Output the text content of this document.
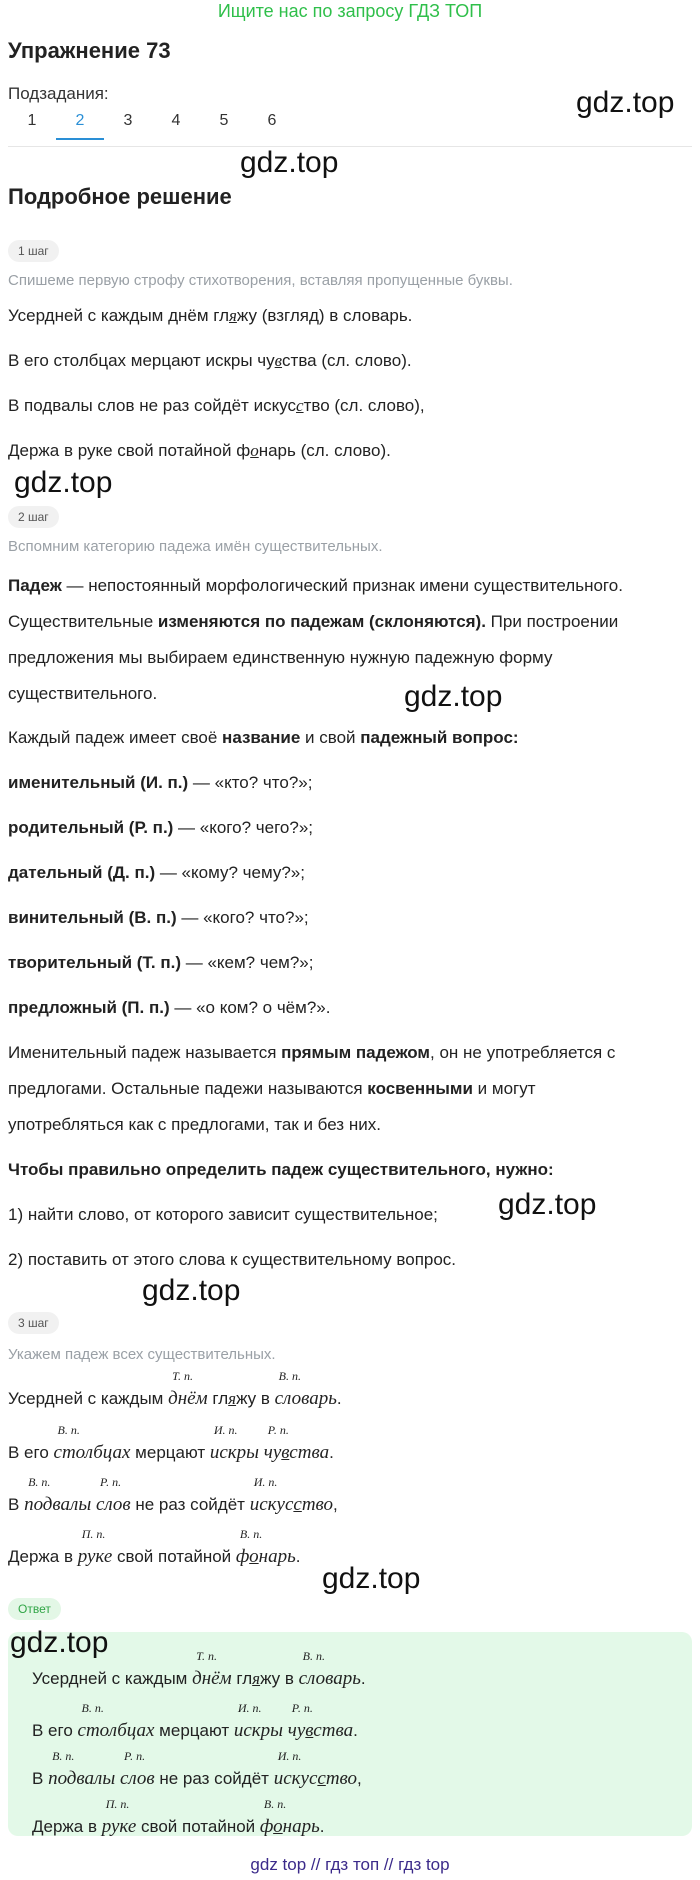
Ищите нас по запросу ГДЗ ТОП
Упражнение 73
Подзадания:
1	2	3	4	5	6
gdz.top
gdz.top
Подробное решение
1 шаг
Спишеме первую строфу стихотворения, вставляя пропущенные буквы.
Усердней с каждым днём гляжу (взгляд) в словарь.
В его столбцах мерцают искры чувства (сл. слово).
В подвалы слов не раз сойдёт искусство (сл. слово),
Держа в руке свой потайной фонарь (сл. слово).
gdz.top
2 шаг
Вспомним категорию падежа имён существительных.
Падеж — непостоянный морфологический признак имени существительного.
Существительные изменяются по падежам (склоняются). При построении
предложения мы выбираем единственную нужную падежную форму
существительного.	gdz.top
Каждый падеж имеет своё название и свой падежный вопрос:
именительный (И. п.) — «кто? что?»;
родительный (Р. п.) — «кого? чего?»;
дательный (Д. п.) — «кому? чему?»;
винительный (В. п.) — «кого? что?»;
творительный (Т. п.) — «кем? чем?»;
предложный (П. п.) — «о ком? о чём?».
Именительный падеж называется прямым падежом, он не употребляется с
предлогами. Остальные падежи называются косвенными и могут
употребляться как с предлогами, так и без них.
Чтобы правильно определить падеж существительного, нужно:
1) найти слово, от которого зависит существительное; gdz.top
2) поставить от этого слова к существительному вопрос.
gdz.top
3 шаг
Укажем падеж всех существительных.
Усердней с каждым
Т. п.
днём гляжу в
В. п.
словарь.
В его
В. п.
столбцах мерцают
И. п.
искры
Р. п.
чувства.
В
В. п.
подвалы
Р. п.
слов не раз сойдёт
И. п.
искусство,
Держа в
П. п.
руке свой потайной
В. п.
фонарь.
gdz.top
Ответ
gdz.top
Усердней с каждым
Т. п.
днём гляжу в
В. п.
словарь.
В его
В. п.
столбцах мерцают
И. п.
искры
Р. п.
чувства.
В
В. п.
подвалы
Р. п.
слов не раз сойдёт
И. п.
искусство,
Держа в
П. п.
руке свой потайной
В. п.
фонарь.
gdz top // гдз топ // гдз top
